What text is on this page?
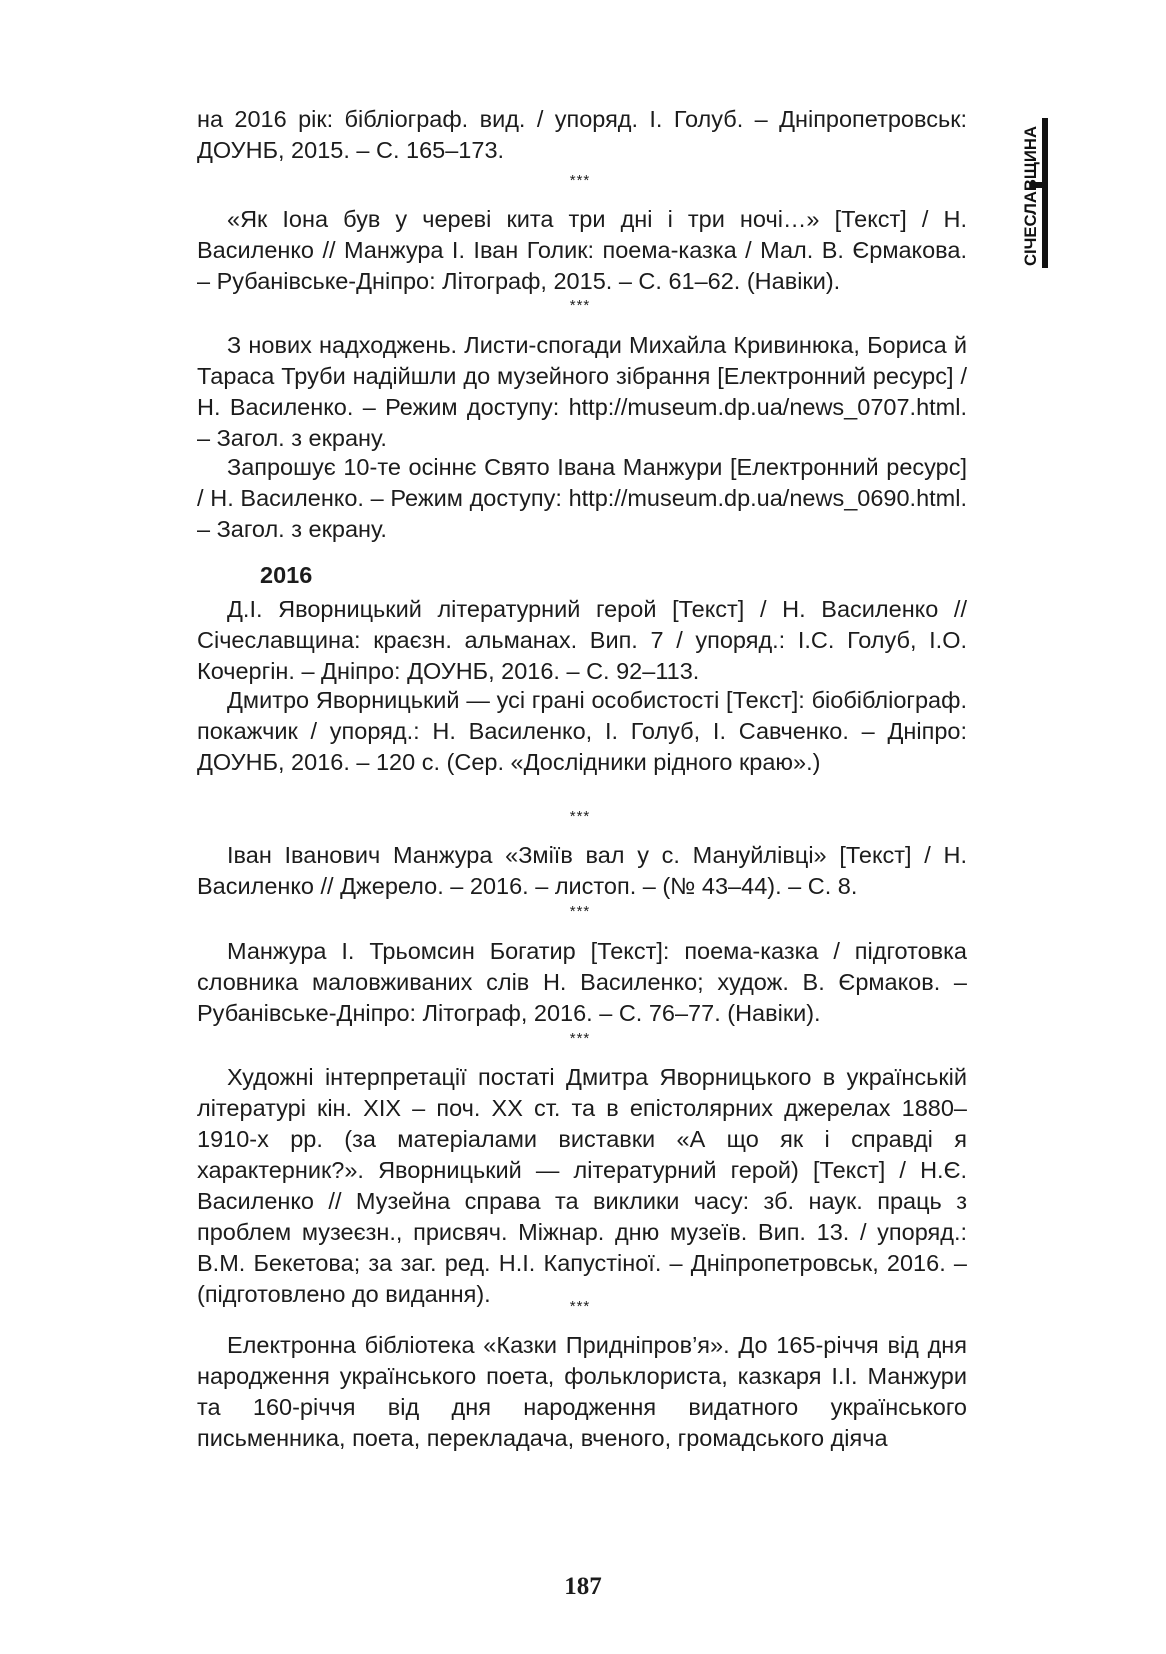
СІЧЕСЛАВЩИНА

на 2016 рік: бібліограф. вид. / упоряд. І. Голуб. – Дніпропетровськ: ДОУНБ, 2015. – С. 165–173.

***

«Як Іона був у череві кита три дні і три ночі…» [Текст] / Н. Василенко // Манжура І. Іван Голик: поема-казка / Мал. В. Єрмакова. – Рубанівське-Дніпро: Літограф, 2015. – С. 61–62. (Навіки).

***

З нових надходжень. Листи-спогади Михайла Кривинюка, Бориса й Тараса Труби надійшли до музейного зібрання [Електронний ресурс] / Н. Василенко. – Режим доступу: http://museum.dp.ua/news_0707.html. – Загол. з екрану.

Запрошує 10-те осіннє Свято Івана Манжури [Електронний ресурс] / Н. Василенко. – Режим доступу: http://museum.dp.ua/news_0690.html. – Загол. з екрану.

2016

Д.І. Яворницький літературний герой [Текст] / Н. Василенко // Січеславщина: краєзн. альманах. Вип. 7 / упоряд.: І.С. Голуб, І.О. Кочергін. – Дніпро: ДОУНБ, 2016. – С. 92–113.

Дмитро Яворницький — усі грані особистості [Текст]: біобібліограф. покажчик / упоряд.: Н. Василенко, І. Голуб, І. Савченко. – Дніпро: ДОУНБ, 2016. – 120 с. (Сер. «Дослідники рідного краю».)

***

Іван Іванович Манжура «Зміїв вал у с. Мануйлівці» [Текст] / Н. Василенко // Джерело. – 2016. – листоп. – (№ 43–44). – С. 8.

***

Манжура І. Трьомсин Богатир [Текст]: поема-казка / підготовка словника маловживаних слів Н. Василенко; худож. В. Єрмаков. – Рубанівське-Дніпро: Літограф, 2016. – С. 76–77. (Навіки).

***

Художні інтерпретації постаті Дмитра Яворницького в українській літературі кін. ХІХ – поч. ХХ ст. та в епістолярних джерелах 1880–1910-х рр. (за матеріалами виставки «А що як і справді я характерник?». Яворницький — літературний герой) [Текст] / Н.Є. Василенко // Музейна справа та виклики часу: зб. наук. праць з проблем музеєзн., присвяч. Міжнар. дню музеїв. Вип. 13. / упоряд.: В.М. Бекетова; за заг. ред. Н.І. Капустіної. – Дніпропетровськ, 2016. – (підготовлено до видання).	***

Електронна бібліотека «Казки Придніпров’я». До 165-річчя від дня народження українського поета, фольклориста, казкаря І.І. Манжури та 160-річчя від дня народження видатного українського письменника, поета, перекладача, вченого, громадського діяча

187
